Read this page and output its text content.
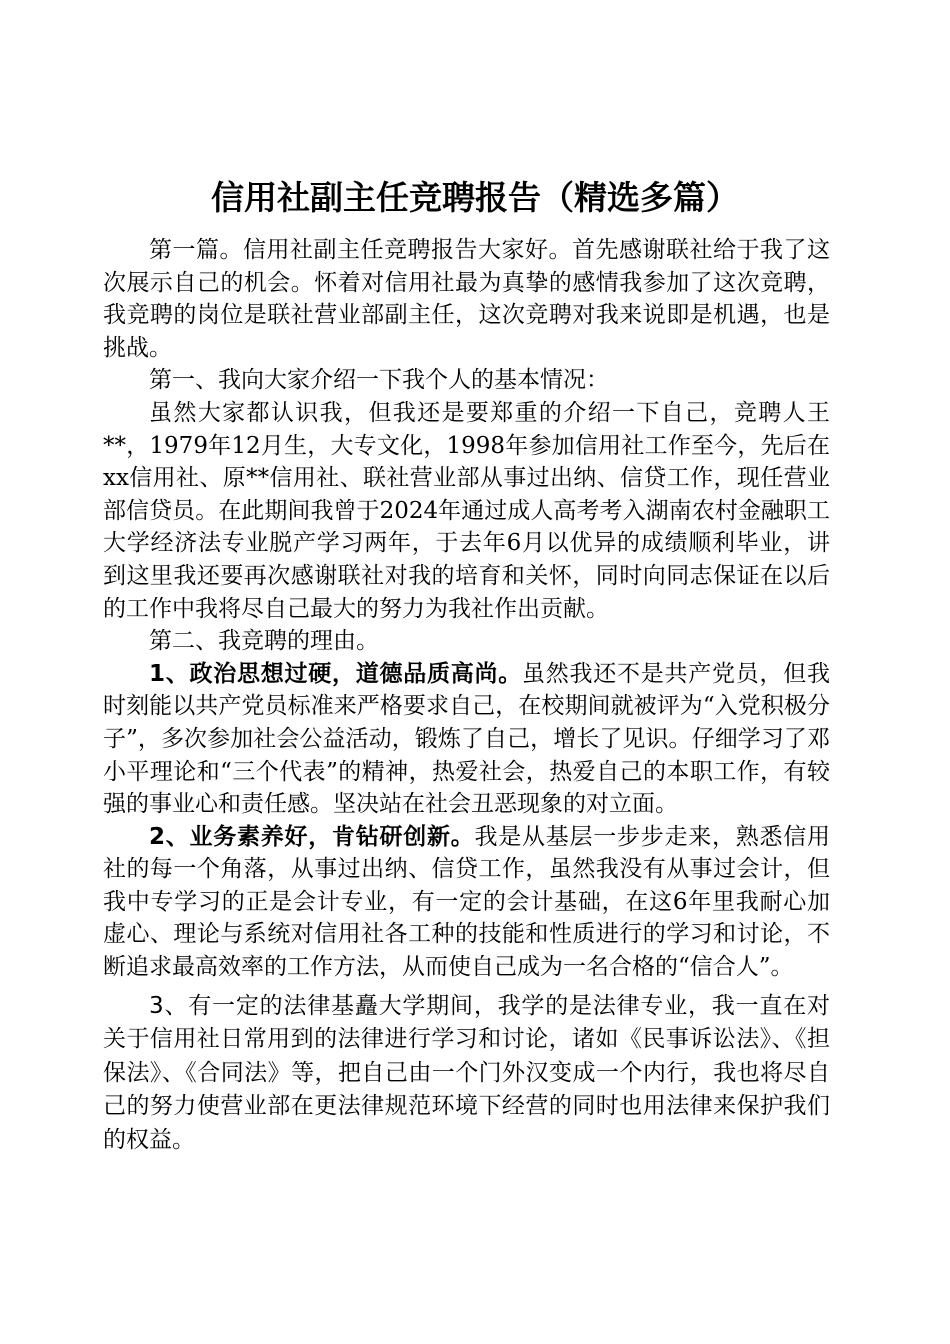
信用社副主任竞聘报告（精选多篇）

第一篇。信用社副主任竞聘报告大家好。首先感谢联社给于我了这次展示自己的机会。怀着对信用社最为真挚的感情我参加了这次竞聘，我竞聘的岗位是联社营业部副主任，这次竞聘对我来说即是机遇，也是挑战。

第一、我向大家介绍一下我个人的基本情况：

虽然大家都认识我，但我还是要郑重的介绍一下自己，竞聘人王**，1979年12月生，大专文化，1998年参加信用社工作至今，先后在xx信用社、原**信用社、联社营业部从事过出纳、信贷工作，现任营业部信贷员。在此期间我曾于2024年通过成人高考考入湖南农村金融职工大学经济法专业脱产学习两年，于去年6月以优异的成绩顺利毕业，讲到这里我还要再次感谢联社对我的培育和关怀，同时向同志保证在以后的工作中我将尽自己最大的努力为我社作出贡献。

第二、我竞聘的理由。

1、政治思想过硬，道德品质高尚。虽然我还不是共产党员，但我时刻能以共产党员标准来严格要求自己，在校期间就被评为“入党积极分子”，多次参加社会公益活动，锻炼了自己，增长了见识。仔细学习了邓小平理论和“三个代表”的精神，热爱社会，热爱自己的本职工作，有较强的事业心和责任感。坚决站在社会丑恶现象的对立面。

2、业务素养好，肯钻研创新。我是从基层一步步走来，熟悉信用社的每一个角落，从事过出纳、信贷工作，虽然我没有从事过会计，但我中专学习的正是会计专业，有一定的会计基础，在这6年里我耐心加虚心、理论与系统对信用社各工种的技能和性质进行的学习和讨论，不断追求最高效率的工作方法，从而使自己成为一名合格的“信合人”。

3、有一定的法律基矗大学期间，我学的是法律专业，我一直在对关于信用社日常用到的法律进行学习和讨论，诸如《民事诉讼法》、《担保法》、《合同法》等，把自己由一个门外汉变成一个内行，我也将尽自己的努力使营业部在更法律规范环境下经营的同时也用法律来保护我们的权益。
